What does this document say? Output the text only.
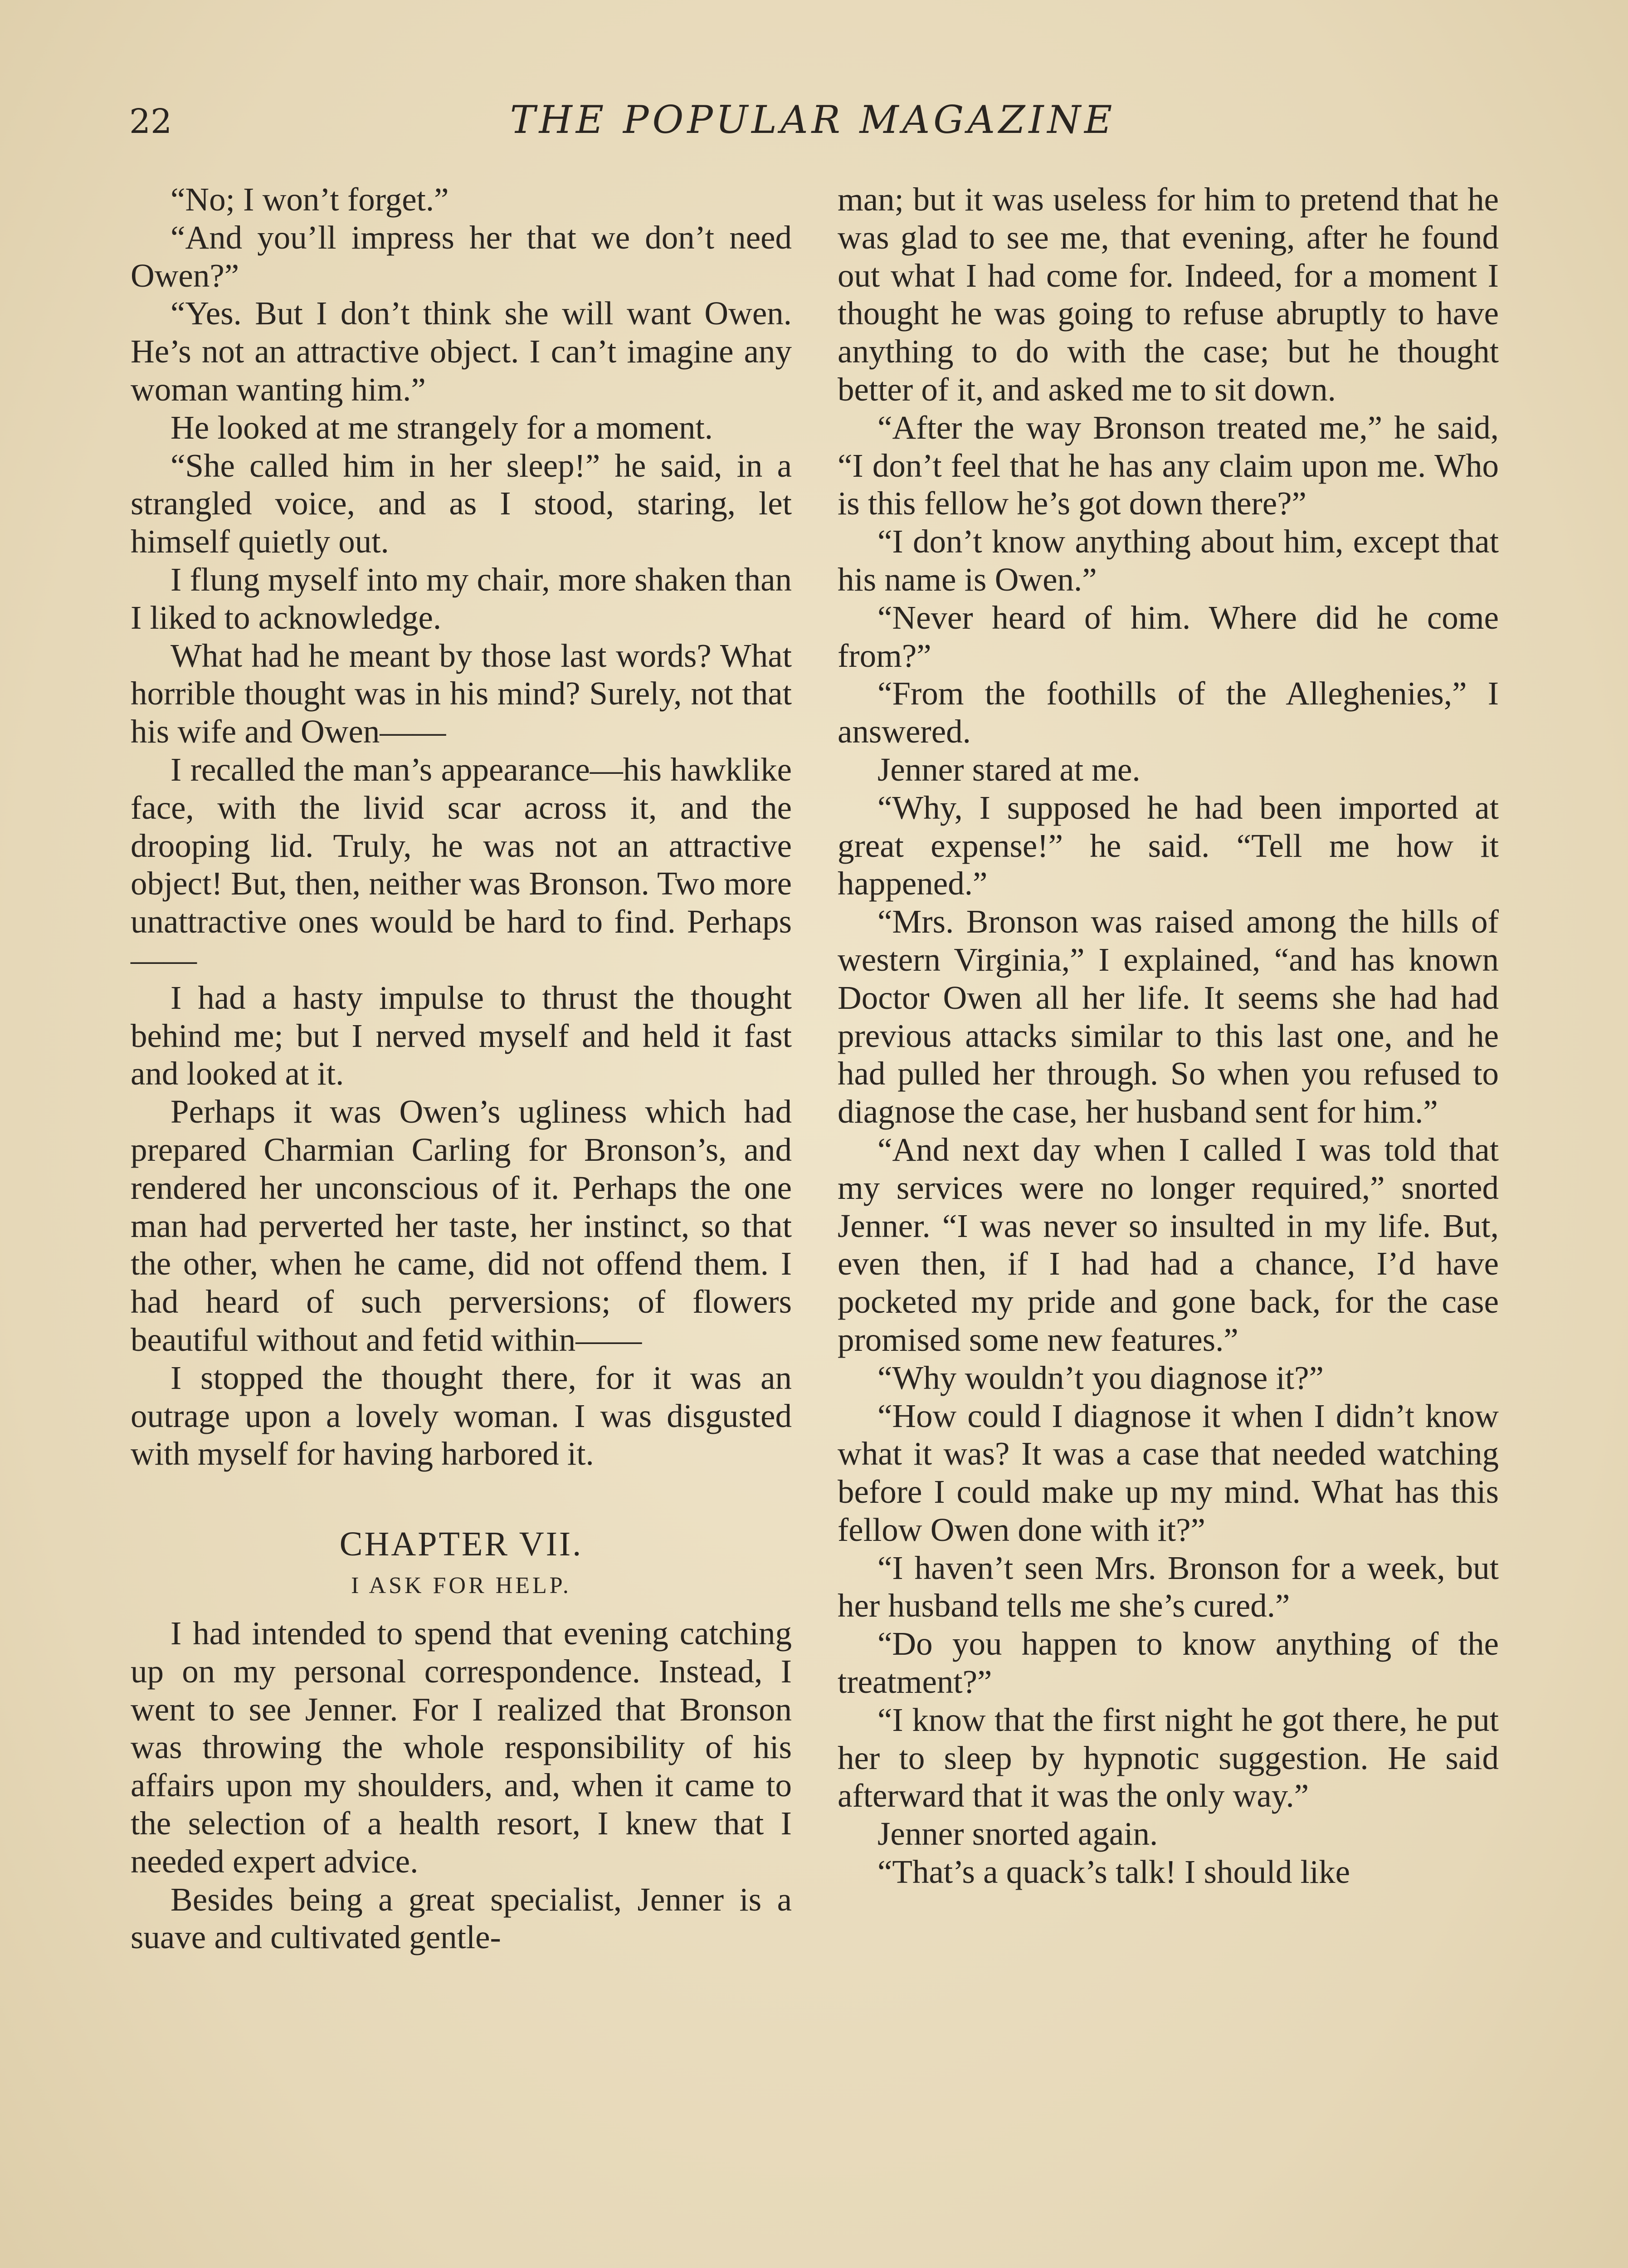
22	THE POPULAR MAGAZINE

“No; I won’t forget.”

“And you’ll impress her that we don’t need Owen?”

“Yes. But I don’t think she will want Owen. He’s not an attractive object. I can’t imagine any woman wanting him.”

He looked at me strangely for a moment.

“She called him in her sleep!” he said, in a strangled voice, and as I stood, staring, let himself quietly out.

I flung myself into my chair, more shaken than I liked to acknowledge.

What had he meant by those last words? What horrible thought was in his mind? Surely, not that his wife and Owen——

I recalled the man’s appearance—his hawklike face, with the livid scar across it, and the drooping lid. Truly, he was not an attractive object! But, then, neither was Bronson. Two more unattractive ones would be hard to find. Perhaps——

I had a hasty impulse to thrust the thought behind me; but I nerved myself and held it fast and looked at it.

Perhaps it was Owen’s ugliness which had prepared Charmian Carling for Bronson’s, and rendered her unconscious of it. Perhaps the one man had perverted her taste, her instinct, so that the other, when he came, did not offend them. I had heard of such perversions; of flowers beautiful without and fetid within——

I stopped the thought there, for it was an outrage upon a lovely woman. I was disgusted with myself for having harbored it.

CHAPTER VII.
I ASK FOR HELP.

I had intended to spend that evening catching up on my personal correspondence. Instead, I went to see Jenner. For I realized that Bronson was throwing the whole responsibility of his affairs upon my shoulders, and, when it came to the selection of a health resort, I knew that I needed expert advice.

Besides being a great specialist, Jenner is a suave and cultivated gentle-

man; but it was useless for him to pretend that he was glad to see me, that evening, after he found out what I had come for. Indeed, for a moment I thought he was going to refuse abruptly to have anything to do with the case; but he thought better of it, and asked me to sit down.

“After the way Bronson treated me,” he said, “I don’t feel that he has any claim upon me. Who is this fellow he’s got down there?”

“I don’t know anything about him, except that his name is Owen.”

“Never heard of him. Where did he come from?”

“From the foothills of the Alleghenies,” I answered.

Jenner stared at me.

“Why, I supposed he had been imported at great expense!” he said. “Tell me how it happened.”

“Mrs. Bronson was raised among the hills of western Virginia,” I explained, “and has known Doctor Owen all her life. It seems she had had previous attacks similar to this last one, and he had pulled her through. So when you refused to diagnose the case, her husband sent for him.”

“And next day when I called I was told that my services were no longer required,” snorted Jenner. “I was never so insulted in my life. But, even then, if I had had a chance, I’d have pocketed my pride and gone back, for the case promised some new features.”

“Why wouldn’t you diagnose it?”

“How could I diagnose it when I didn’t know what it was? It was a case that needed watching before I could make up my mind. What has this fellow Owen done with it?”

“I haven’t seen Mrs. Bronson for a week, but her husband tells me she’s cured.”

“Do you happen to know anything of the treatment?”

“I know that the first night he got there, he put her to sleep by hypnotic suggestion. He said afterward that it was the only way.”

Jenner snorted again.

“That’s a quack’s talk! I should like
